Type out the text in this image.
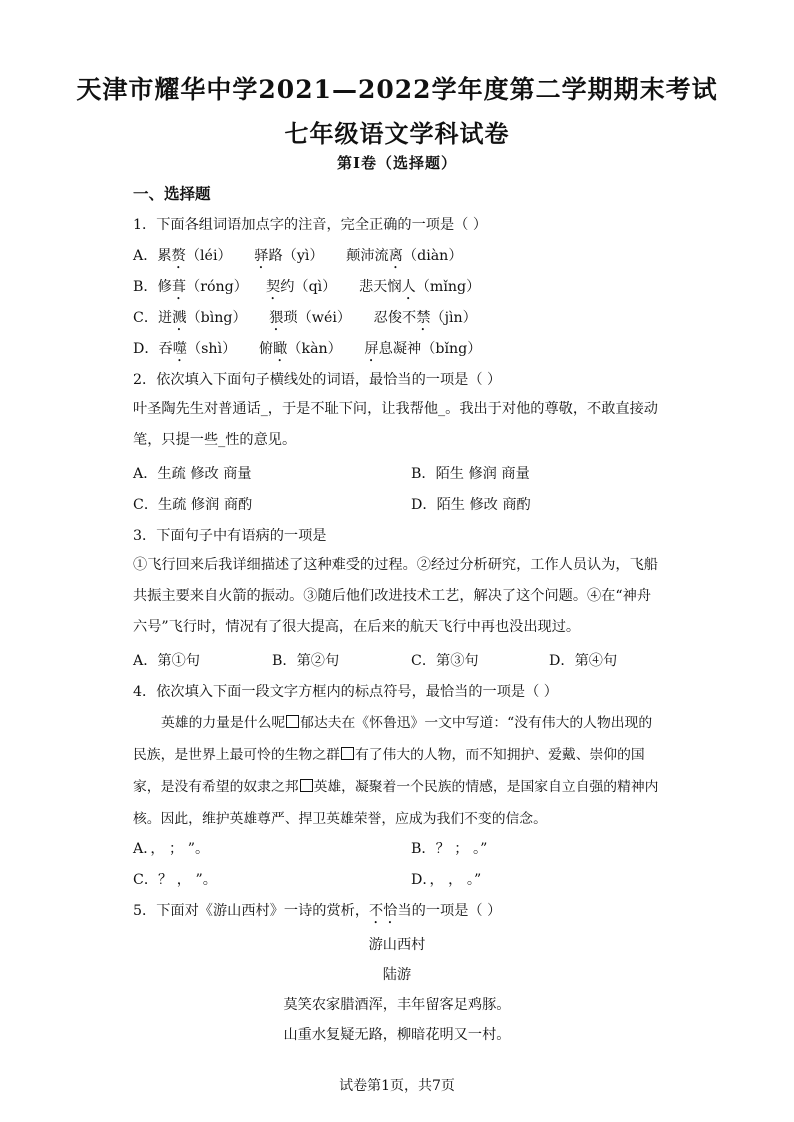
天津市耀华中学2021—2022学年度第二学期期末考试
七年级语文学科试卷
第Ⅰ卷（选择题）
一、选择题
1．下面各组词语加点字的注音，完全正确的一项是（ ）
A．累赘（léi） 驿路（yì） 颠沛流离（diàn）
B．修葺（róng） 契约（qì） 悲天悯人（mǐng）
C．迸溅（bìng） 猥琐（wéi） 忍俊不禁（jìn）
D．吞噬（shì） 俯瞰（kàn） 屏息凝神（bǐng）
2．依次填入下面句子横线处的词语，最恰当的一项是（ ）
叶圣陶先生对普通话_，于是不耻下问，让我帮他_。我出于对他的尊敬，不敢直接动笔，只提一些_性的意见。
A．生疏 修改 商量	B．陌生 修润 商量
C．生疏 修润 商酌	D．陌生 修改 商酌
3．下面句子中有语病的一项是
①飞行回来后我详细描述了这种难受的过程。②经过分析研究，工作人员认为，飞船共振主要来自火箭的振动。③随后他们改进技术工艺，解决了这个问题。④在“神舟六号”飞行时，情况有了很大提高，在后来的航天飞行中再也没出现过。
A．第①句	B．第②句	C．第③句	D．第④句
4．依次填入下面一段文字方框内的标点符号，最恰当的一项是（ ）
英雄的力量是什么呢 郁达夫在《怀鲁迅》一文中写道：“没有伟大的人物出现的民族，是世界上最可怜的生物之群 有了伟大的人物，而不知拥护、爱戴、崇仰的国家，是没有希望的奴隶之邦 英雄，凝聚着一个民族的情感，是国家自立自强的精神内核。因此，维护英雄尊严、捍卫英雄荣誉，应成为我们不变的信念。
A．， ； ”。	B．？ ； 。”
C．？ ， ”。	D．， ， 。”
5．下面对《游山西村》一诗的赏析，不恰当的一项是（ ）
游山西村
陆游
莫笑农家腊酒浑，丰年留客足鸡豚。
山重水复疑无路，柳暗花明又一村。
试卷第1页，共7页
